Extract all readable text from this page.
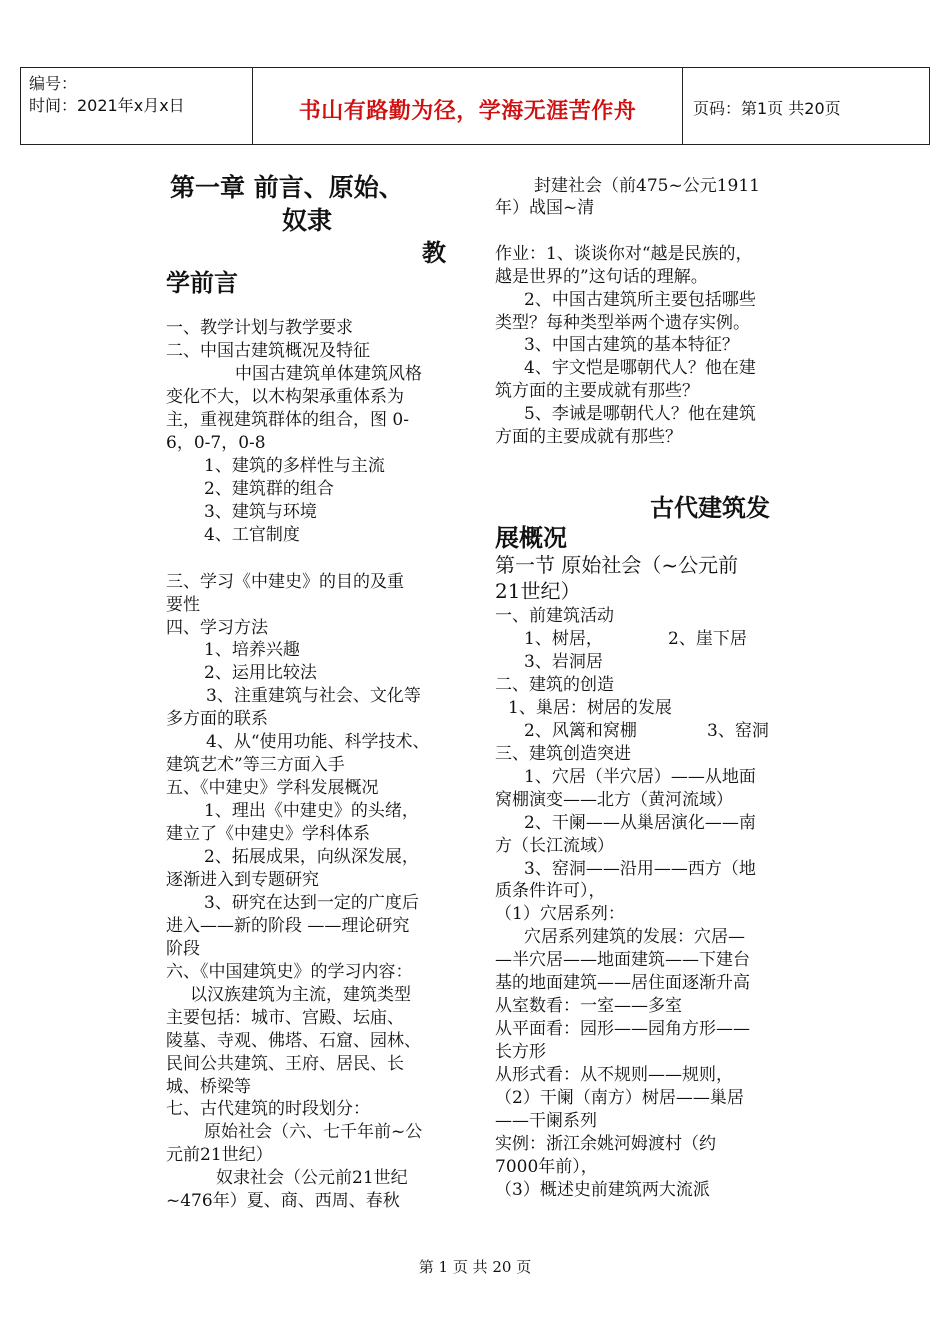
编号：
时间：2021年x月x日	书山有路勤为径，学海无涯苦作舟	页码：第1页 共20页
第一章 前言、原始、
奴隶
教
学前言
一、教学计划与教学要求
二、中国古建筑概况及特征
中国古建筑单体建筑风格
变化不大，以木构架承重体系为
主，重视建筑群体的组合，图 0-
6，0-7，0-8
1、建筑的多样性与主流
2、建筑群的组合
3、建筑与环境
4、工官制度
三、学习《中建史》的目的及重
要性
四、学习方法
1、培养兴趣
2、运用比较法
3、注重建筑与社会、文化等
多方面的联系
4、从“使用功能、科学技术、
建筑艺术”等三方面入手
五、《中建史》学科发展概况
1、理出《中建史》的头绪，
建立了《中建史》学科体系
2、拓展成果，向纵深发展，
逐渐进入到专题研究
3、研究在达到一定的广度后
进入——新的阶段 ——理论研究
阶段
六、《中国建筑史》的学习内容：
以汉族建筑为主流，建筑类型
主要包括：城市、宫殿、坛庙、
陵墓、寺观、佛塔、石窟、园林、
民间公共建筑、王府、居民、长
城、桥梁等
七、古代建筑的时段划分：
原始社会（六、七千年前~公
元前21世纪）
奴隶社会（公元前21世纪
~476年）夏、商、西周、春秋
封建社会（前475~公元1911
年）战国~清
作业：1、谈谈你对“越是民族的，
越是世界的”这句话的理解。
2、中国古建筑所主要包括哪些
类型？每种类型举两个遗存实例。
3、中国古建筑的基本特征？
4、宇文恺是哪朝代人？他在建
筑方面的主要成就有那些？
5、李诫是哪朝代人？他在建筑
方面的主要成就有那些？
古代建筑发
展概况
第一节 原始社会（~公元前
21世纪）
一、前建筑活动
1、树居，	2、崖下居
3、岩洞居
二、建筑的创造
1、巢居：树居的发展
2、风篱和窝棚	3、窑洞
三、建筑创造突进
1、穴居（半穴居）——从地面
窝棚演变——北方（黄河流域）
2、干阑——从巢居演化——南
方（长江流域）
3、窑洞——沿用——西方（地
质条件许可），
（1）穴居系列：
穴居系列建筑的发展：穴居—
—半穴居——地面建筑——下建台
基的地面建筑——居住面逐渐升高
从室数看：一室——多室
从平面看：园形——园角方形——
长方形
从形式看：从不规则——规则，
（2）干阑（南方）树居——巢居
——干阑系列
实例：浙江余姚河姆渡村（约
7000年前），
（3）概述史前建筑两大流派
第 1 页 共 20 页
